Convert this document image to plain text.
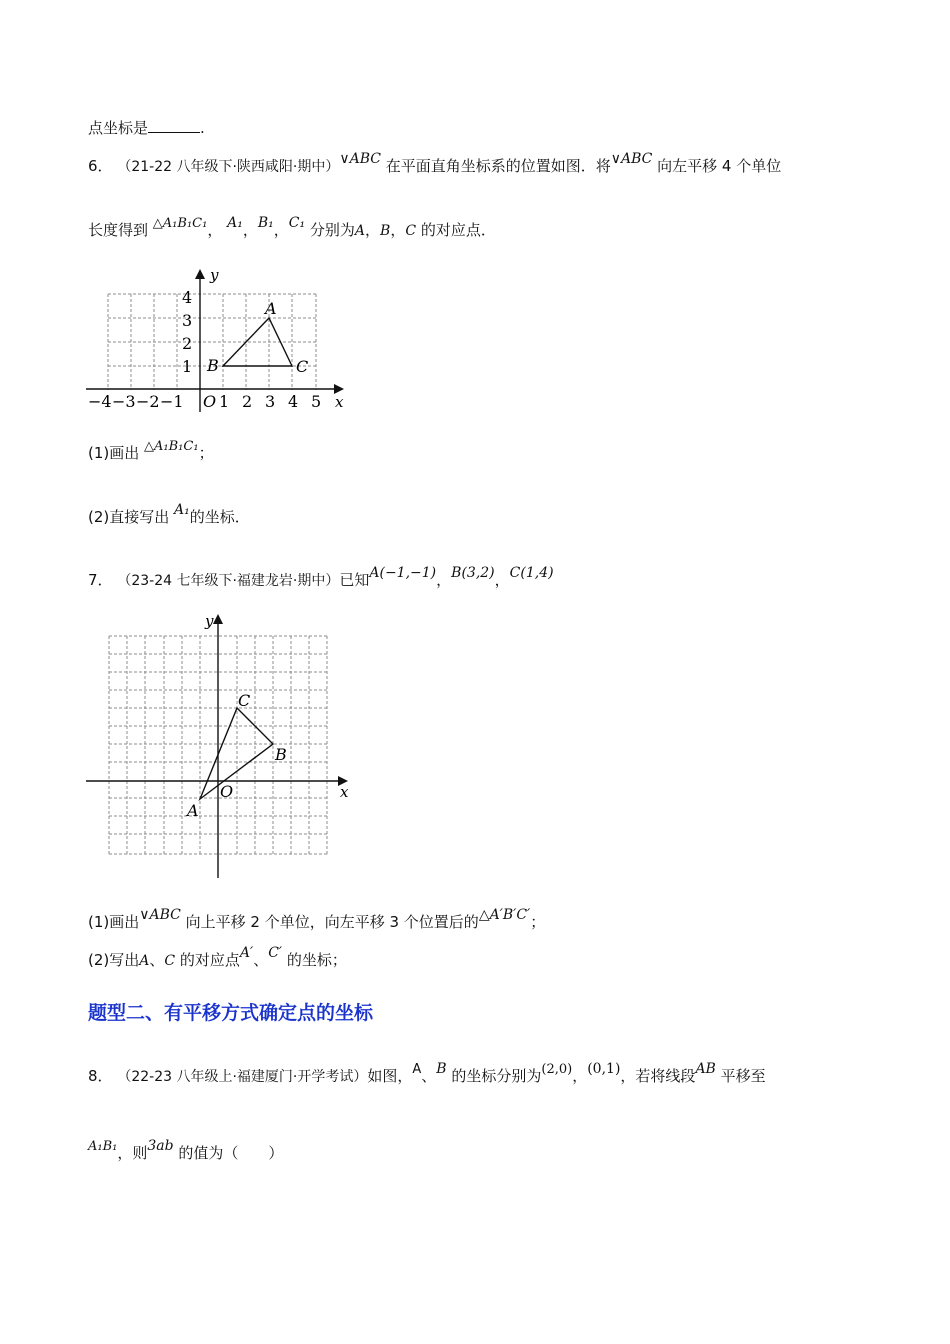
点坐标是	.
6． （21-22 八年级下·陕西咸阳·期中）∨ABC 在平面直角坐标系的位置如图．将∨ABC 向左平移 4 个单位
长度得到 △A₁B₁C₁， A₁，B₁，C₁ 分别为A，B，C 的对应点．
y
x
O
−4 −3 −2 −1 1 2 3 4 5
1
2
3
4
A
B	C
(1)画出 △A₁B₁C₁；
(2)直接写出 A₁的坐标．
7． （23-24 七年级下·福建龙岩·期中）已知A(−1,−1)，B(3,2)，C(1,4)
y
x
O
A
B
C
(1)画出∨ABC 向上平移 2 个单位，向左平移 3 个位置后的△A′B′C′；
(2)写出A、C 的对应点A′、C′ 的坐标；
题型二、有平移方式确定点的坐标
8． （22-23 八年级上·福建厦门·开学考试）如图，A、B 的坐标分别为(2,0)，(0,1)，若将线段AB 平移至
A₁B₁，则3ab 的值为（　　）
